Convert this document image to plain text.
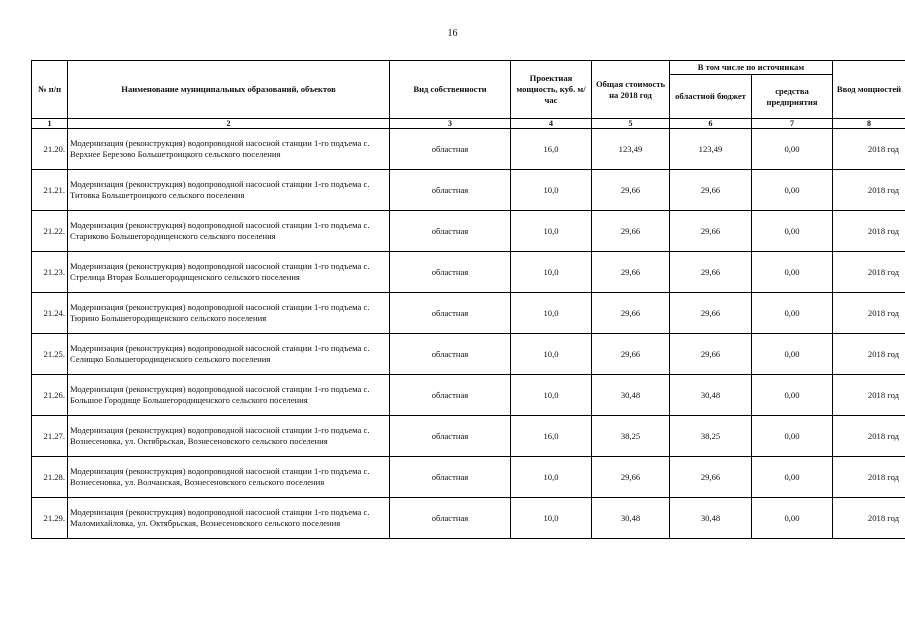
16
№ п/п	Наименование муниципальных образований, объектов	Вид собственности	Проектная мощность, куб. м/час	Общая стоимость на 2018 год	В том числе по источникам		Ввод мощностей
					областной бюджет	средства предприятия	
1	2	3	4	5	6	7	8
21.20.	Модернизация (реконструкция) водопроводной насосной станции 1-го подъема с. Верхнее Березово Большетроицкого сельского поселения	областная	16,0	123,49	123,49	0,00	2018 год
21.21.	Модернизация (реконструкция) водопроводной насосной станции 1-го подъема с. Титовка Большетроицкого сельского поселения	областная	10,0	29,66	29,66	0,00	2018 год
21.22.	Модернизация (реконструкция) водопроводной насосной станции 1-го подъема с. Стариково Большегородищенского сельского поселения	областная	10,0	29,66	29,66	0,00	2018 год
21.23.	Модернизация (реконструкция) водопроводной насосной станции 1-го подъема с. Стрелица Вторая Большегородищенского сельского поселения	областная	10,0	29,66	29,66	0,00	2018 год
21.24.	Модернизация (реконструкция) водопроводной насосной станции 1-го подъема с. Тюрино Большегородищенского сельского поселения	областная	10,0	29,66	29,66	0,00	2018 год
21.25.	Модернизация (реконструкция) водопроводной насосной станции 1-го подъема с. Селищко Большегородищенского сельского поселения	областная	10,0	29,66	29,66	0,00	2018 год
21.26.	Модернизация (реконструкция) водопроводной насосной станции 1-го подъема с. Большое Городище Большегородищенского сельского поселения	областная	10,0	30,48	30,48	0,00	2018 год
21.27.	Модернизация (реконструкция) водопроводной насосной станции 1-го подъема с. Вознесеновка, ул. Октябрьская, Вознесеновского сельского поселения	областная	16,0	38,25	38,25	0,00	2018 год
21.28.	Модернизация (реконструкция) водопроводной насосной станции 1-го подъема с. Вознесеновка, ул. Волчанская, Вознесеновского сельского поселения	областная	10,0	29,66	29,66	0,00	2018 год
21.29.	Модернизация (реконструкция) водопроводной насосной станции 1-го подъема с. Маломихайловка, ул. Октябрьская, Вознесеновского сельского поселения	областная	10,0	30,48	30,48	0,00	2018 год
